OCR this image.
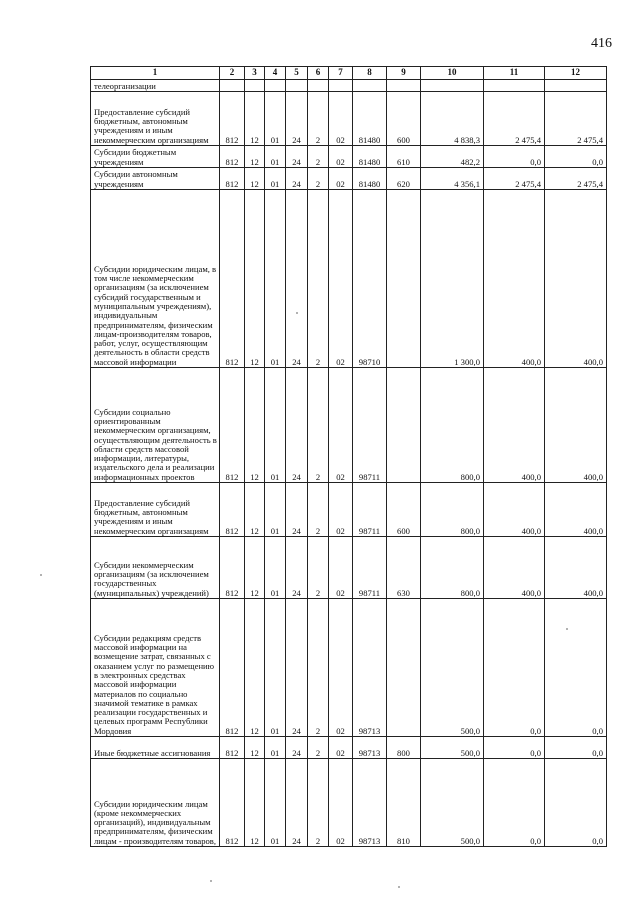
416
1	2	3	4	5	6	7	8	9	10	11	12
телеорганизации											
Предоставление субсидий бюджетным, автономным учреждениям и иным некоммерческим организациям	812	12	01	24	2	02	81480	600	4 838,3	2 475,4	2 475,4
Субсидии бюджетным учреждениям	812	12	01	24	2	02	81480	610	482,2	0,0	0,0
Субсидии автономным учреждениям	812	12	01	24	2	02	81480	620	4 356,1	2 475,4	2 475,4
Субсидии юридическим лицам, в том числе некоммерческим организациям (за исключением субсидий государственным и муниципальным учреждениям), индивидуальным предпринимателям, физическим лицам-производителям товаров, работ, услуг, осуществляющим деятельность в области средств массовой информации	812	12	01	24	2	02	98710		1 300,0	400,0	400,0
Субсидии социально ориентированным некоммерческим организациям, осуществляющим деятельность в области средств массовой информации, литературы, издательского дела и реализации информационных проектов	812	12	01	24	2	02	98711		800,0	400,0	400,0
Предоставление субсидий бюджетным, автономным учреждениям и иным некоммерческим организациям	812	12	01	24	2	02	98711	600	800,0	400,0	400,0
Субсидии некоммерческим организациям (за исключением государственных (муниципальных) учреждений)	812	12	01	24	2	02	98711	630	800,0	400,0	400,0
Субсидии редакциям средств массовой информации на возмещение затрат, связанных с оказанием услуг по размещению в электронных средствах массовой информации материалов по социально значимой тематике в рамках реализации государственных и целевых программ Республики Мордовия	812	12	01	24	2	02	98713		500,0	0,0	0,0
Иные бюджетные ассигнования	812	12	01	24	2	02	98713	800	500,0	0,0	0,0
Субсидии юридическим лицам (кроме некоммерческих организаций), индивидуальным предпринимателям, физическим лицам - производителям товаров,	812	12	01	24	2	02	98713	810	500,0	0,0	0,0
